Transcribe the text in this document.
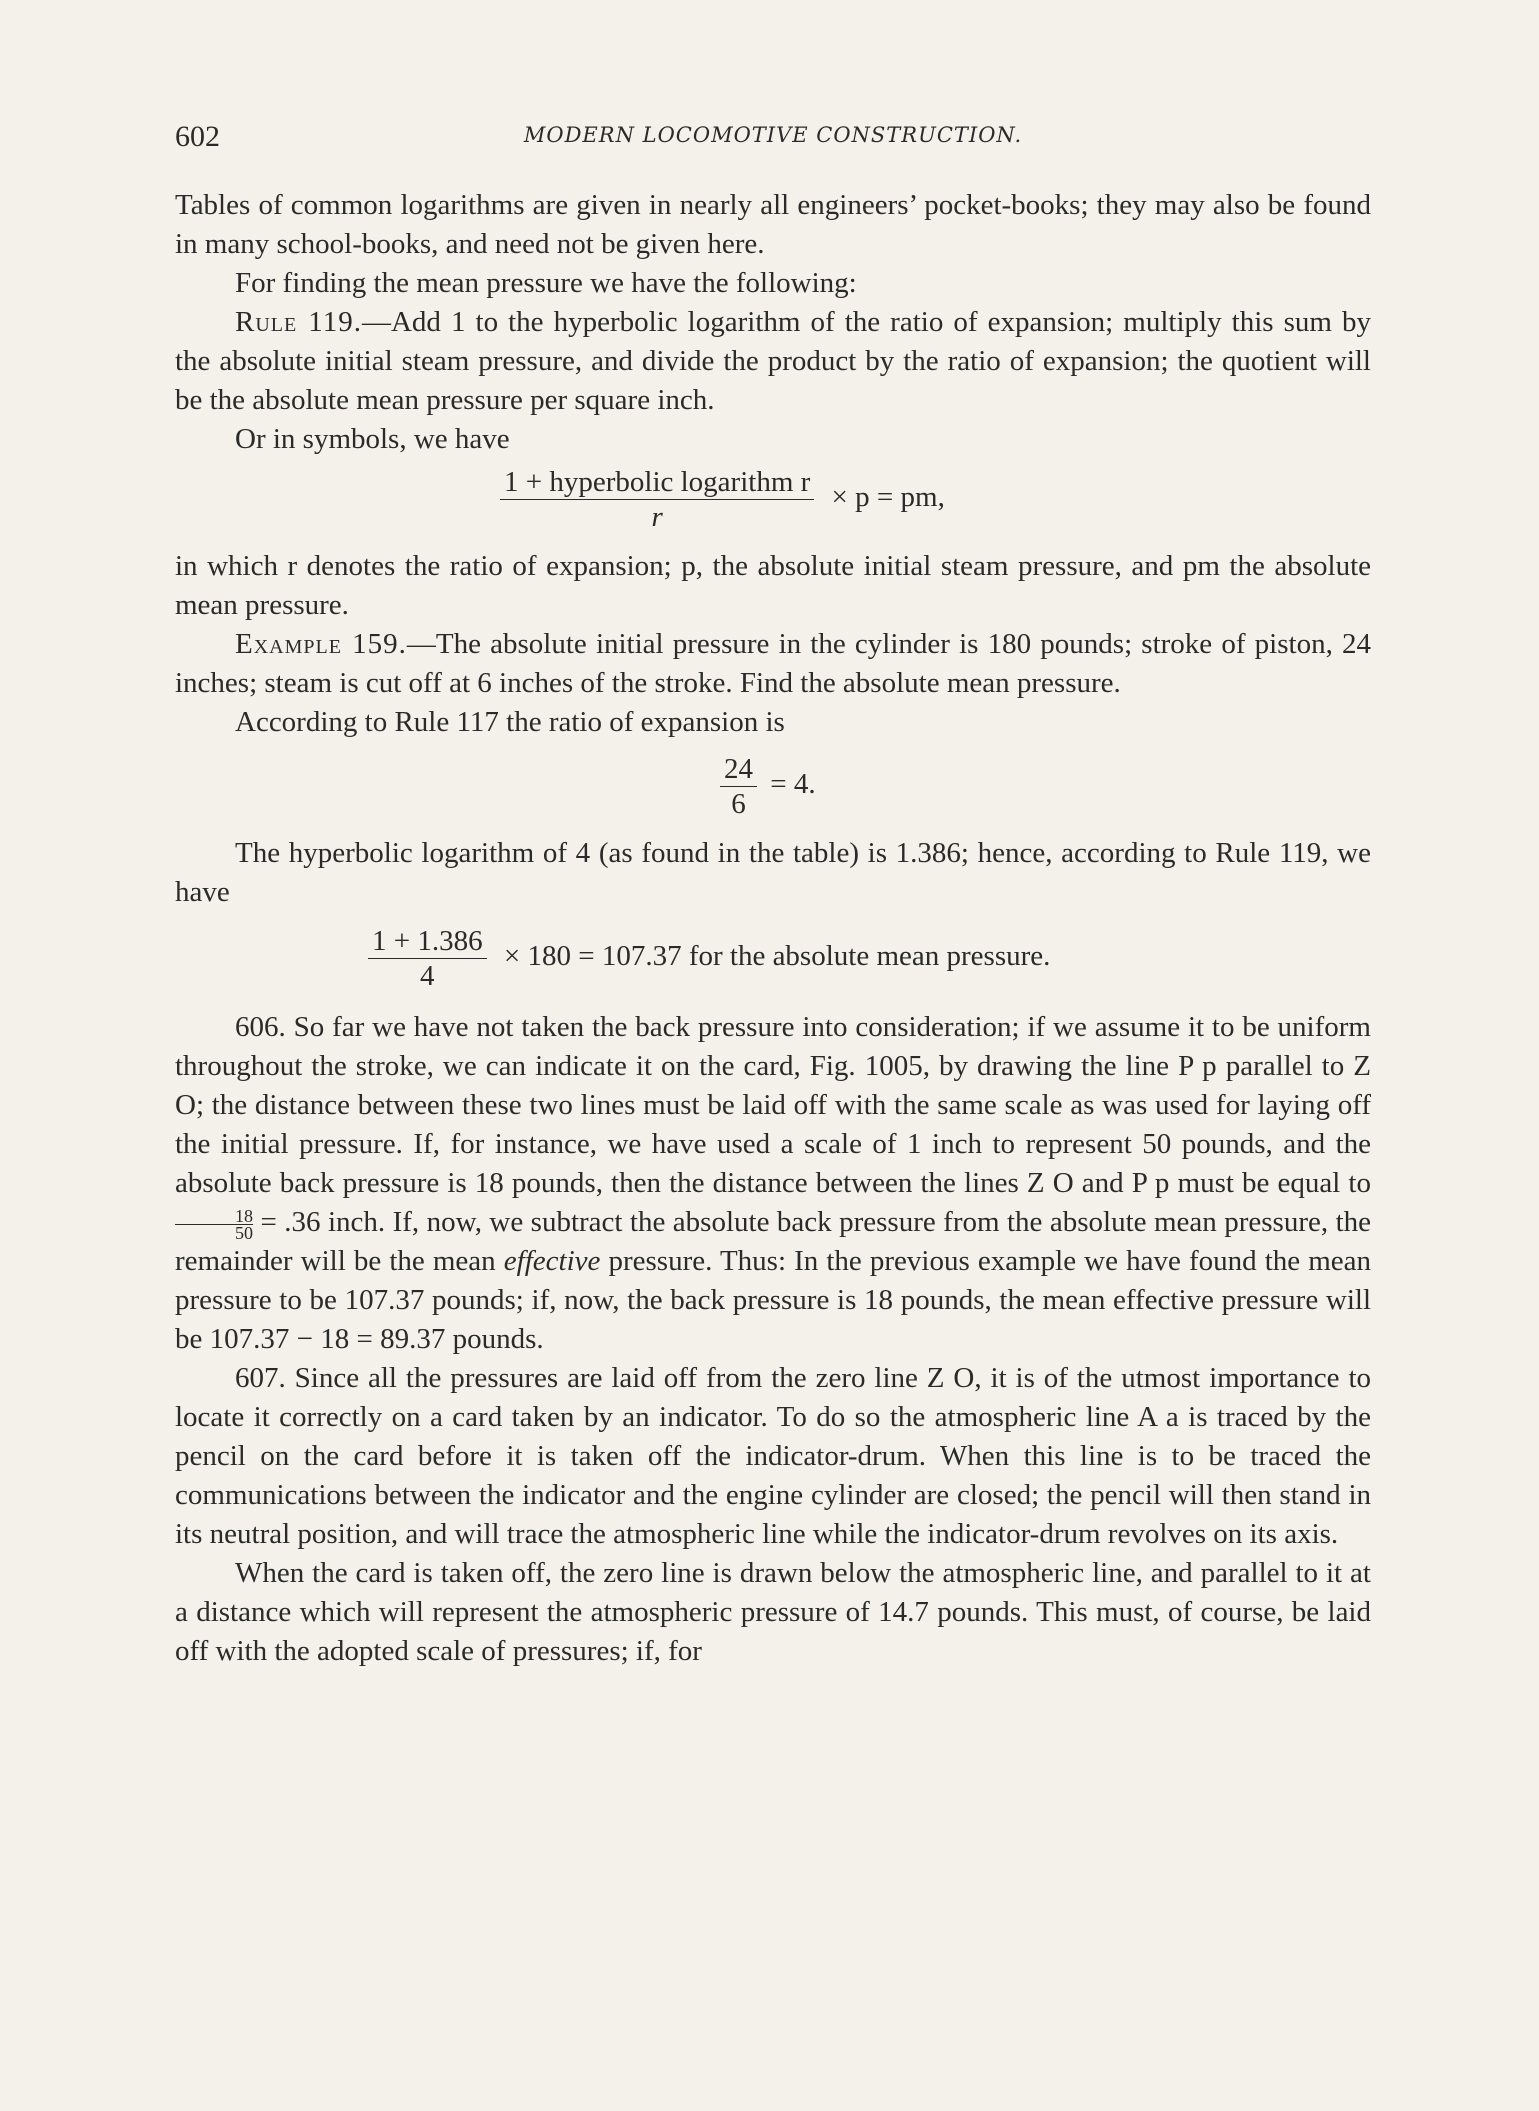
602	MODERN LOCOMOTIVE CONSTRUCTION.

Tables of common logarithms are given in nearly all engineers’ pocket-books; they may also be found in many school-books, and need not be given here.

For finding the mean pressure we have the following:

Rule 119.—Add 1 to the hyperbolic logarithm of the ratio of expansion; multiply this sum by the absolute initial steam pressure, and divide the product by the ratio of expansion; the quotient will be the absolute mean pressure per square inch.

Or in symbols, we have

$\frac{\text{1 + hyperbolic logarithm r}}{r} \times p$ = pm,

in which r denotes the ratio of expansion; p, the absolute initial steam pressure, and pm the absolute mean pressure.

Example 159.—The absolute initial pressure in the cylinder is 180 pounds; stroke of piston, 24 inches; steam is cut off at 6 inches of the stroke. Find the absolute mean pressure.

According to Rule 117 the ratio of expansion is

$\frac{24}{6} = 4$.

The hyperbolic logarithm of 4 (as found in the table) is 1.386; hence, according to Rule 119, we have

$\frac{1 + 1.386}{4} \times 180 = 107.37$ for the absolute mean pressure.

606. So far we have not taken the back pressure into consideration; if we assume it to be uniform throughout the stroke, we can indicate it on the card, Fig. 1005, by drawing the line P p parallel to Z O; the distance between these two lines must be laid off with the same scale as was used for laying off the initial pressure. If, for instance, we have used a scale of 1 inch to represent 50 pounds, and the absolute back pressure is 18 pounds, then the distance between the lines Z O and P p must be equal to
$\frac{18}{50} = .36$ inch. If, now, we subtract the absolute back pressure from the absolute mean pressure, the remainder will be the mean effective pressure. Thus: In the previous example we have found the mean pressure to be 107.37 pounds; if, now, the back pressure is 18 pounds, the mean effective pressure will be 107.37 − 18 = 89.37 pounds.

607. Since all the pressures are laid off from the zero line Z O, it is of the utmost importance to locate it correctly on a card taken by an indicator. To do so the atmospheric line A a is traced by the pencil on the card before it is taken off the indicator-drum. When this line is to be traced the communications between the indicator and the engine cylinder are closed; the pencil will then stand in its neutral position, and will trace the atmospheric line while the indicator-drum revolves on its axis.

When the card is taken off, the zero line is drawn below the atmospheric line, and parallel to it at a distance which will represent the atmospheric pressure of 14.7 pounds. This must, of course, be laid off with the adopted scale of pressures; if, for
